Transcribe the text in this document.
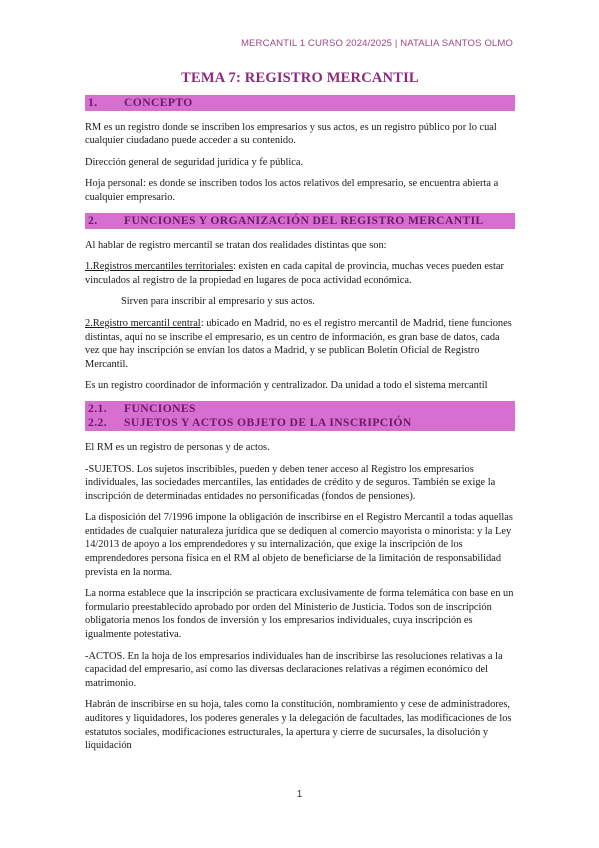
MERCANTIL 1 CURSO 2024/2025 | NATALIA SANTOS OLMO
TEMA 7: REGISTRO MERCANTIL
1.	CONCEPTO

RM es un registro donde se inscriben los empresarios y sus actos, es un registro público por lo cual cualquier ciudadano puede acceder a su contenido.

Dirección general de seguridad jurídica y fe pública.

Hoja personal: es donde se inscriben todos los actos relativos del empresario, se encuentra abierta a cualquier empresario.

2.	FUNCIONES Y ORGANIZACIÓN DEL REGISTRO MERCANTIL

Al hablar de registro mercantil se tratan dos realidades distintas que son:

1.Registros mercantiles territoriales: existen en cada capital de provincia, muchas veces pueden estar vinculados al registro de la propiedad en lugares de poca actividad económica.

Sirven para inscribir al empresario y sus actos.

2.Registro mercantil central: ubicado en Madrid, no es el registro mercantil de Madrid, tiene funciones distintas, aquí no se inscribe el empresario, es un centro de información, es gran base de datos, cada vez que hay inscripción se envían los datos a Madrid, y se publican Boletín Oficial de Registro Mercantil.

Es un registro coordinador de información y centralizador. Da unidad a todo el sistema mercantil

2.1.	FUNCIONES
2.2.	SUJETOS Y ACTOS OBJETO DE LA INSCRIPCIÓN

El RM es un registro de personas y de actos.

-SUJETOS. Los sujetos inscribibles, pueden y deben tener acceso al Registro los empresarios individuales, las sociedades mercantiles, las entidades de crédito y de seguros. También se exige la inscripción de determinadas entidades no personificadas (fondos de pensiones).

La disposición del 7/1996 impone la obligación de inscribirse en el Registro Mercantil a todas aquellas entidades de cualquier naturaleza jurídica que se dediquen al comercio mayorista o minorista: y la Ley 14/2013 de apoyo a los emprendedores y su internalización, que exige la inscripción de los emprendedores persona física en el RM al objeto de beneficiarse de la limitación de responsabilidad prevista en la norma.

La norma establece que la inscripción se practicara exclusivamente de forma telemática con base en un formulario preestablecido aprobado por orden del Ministerio de Justicia. Todos son de inscripción obligatoria menos los fondos de inversión y los empresarios individuales, cuya inscripción es igualmente potestativa.

-ACTOS. En la hoja de los empresarios individuales han de inscribirse las resoluciones relativas a la capacidad del empresario, así como las diversas declaraciones relativas a régimen económico del matrimonio.

Habrán de inscribirse en su hoja, tales como la constitución, nombramiento y cese de administradores, auditores y liquidadores, los poderes generales y la delegación de facultades, las modificaciones de los estatutos sociales, modificaciones estructurales, la apertura y cierre de sucursales, la disolución y liquidación

1
